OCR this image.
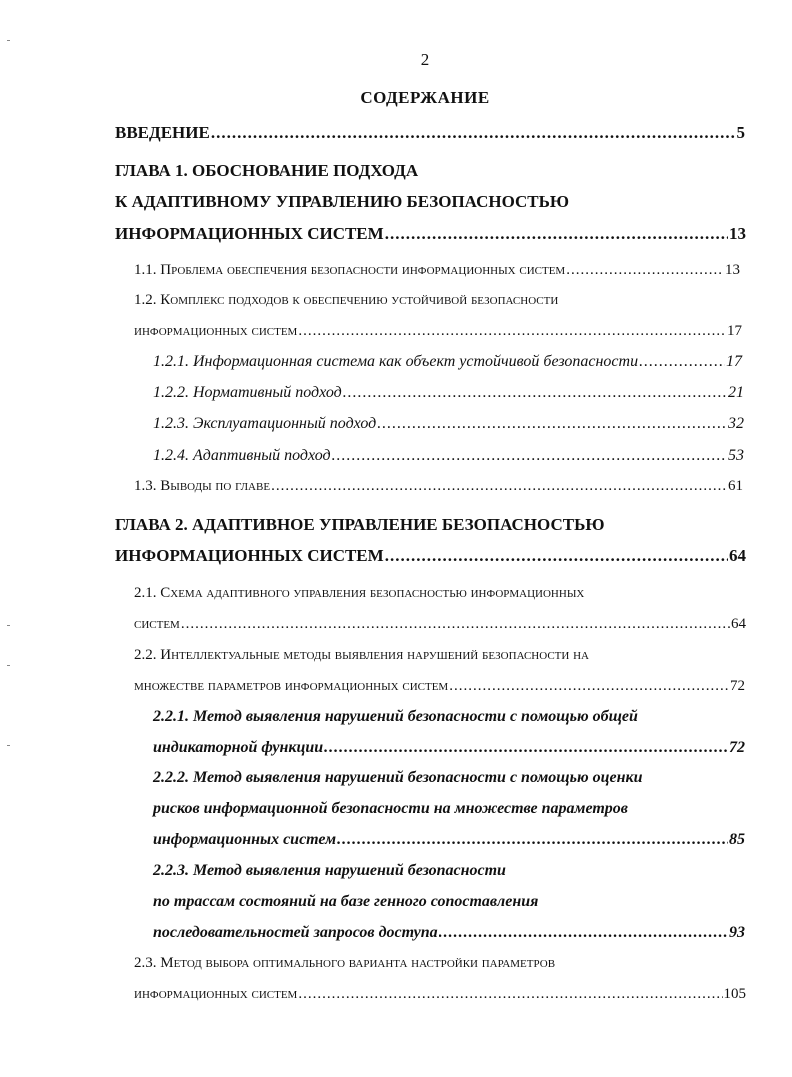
2
СОДЕРЖАНИЕ
ВВЕДЕНИЕ .....	5
ГЛАВА 1. ОБОСНОВАНИЕ ПОДХОДА
К АДАПТИВНОМУ УПРАВЛЕНИЮ БЕЗОПАСНОСТЬЮ
ИНФОРМАЦИОННЫХ СИСТЕМ .....	13
1.1. Проблема обеспечения безопасности информационных систем .....	13
1.2. Комплекс подходов к обеспечению устойчивой безопасности
информационных систем .....	17
1.2.1. Информационная система как объект устойчивой безопасности .....	17
1.2.2. Нормативный подход .....	21
1.2.3. Эксплуатационный подход .....	32
1.2.4. Адаптивный подход .....	53
1.3. Выводы по главе .....	61
ГЛАВА 2. АДАПТИВНОЕ УПРАВЛЕНИЕ БЕЗОПАСНОСТЬЮ
ИНФОРМАЦИОННЫХ СИСТЕМ .....	64
2.1. Схема адаптивного управления безопасностью информационных
систем .....	64
2.2. Интеллектуальные методы выявления нарушений безопасности на
множестве параметров информационных систем .....	72
2.2.1. Метод выявления нарушений безопасности с помощью общей
индикаторной функции .....	72
2.2.2. Метод выявления нарушений безопасности с помощью оценки
рисков информационной безопасности на множестве параметров
информационных систем .....	85
2.2.3. Метод выявления нарушений безопасности
по трассам состояний на базе генного сопоставления
последовательностей запросов доступа .....	93
2.3. Метод выбора оптимального варианта настройки параметров
информационных систем .....	105
